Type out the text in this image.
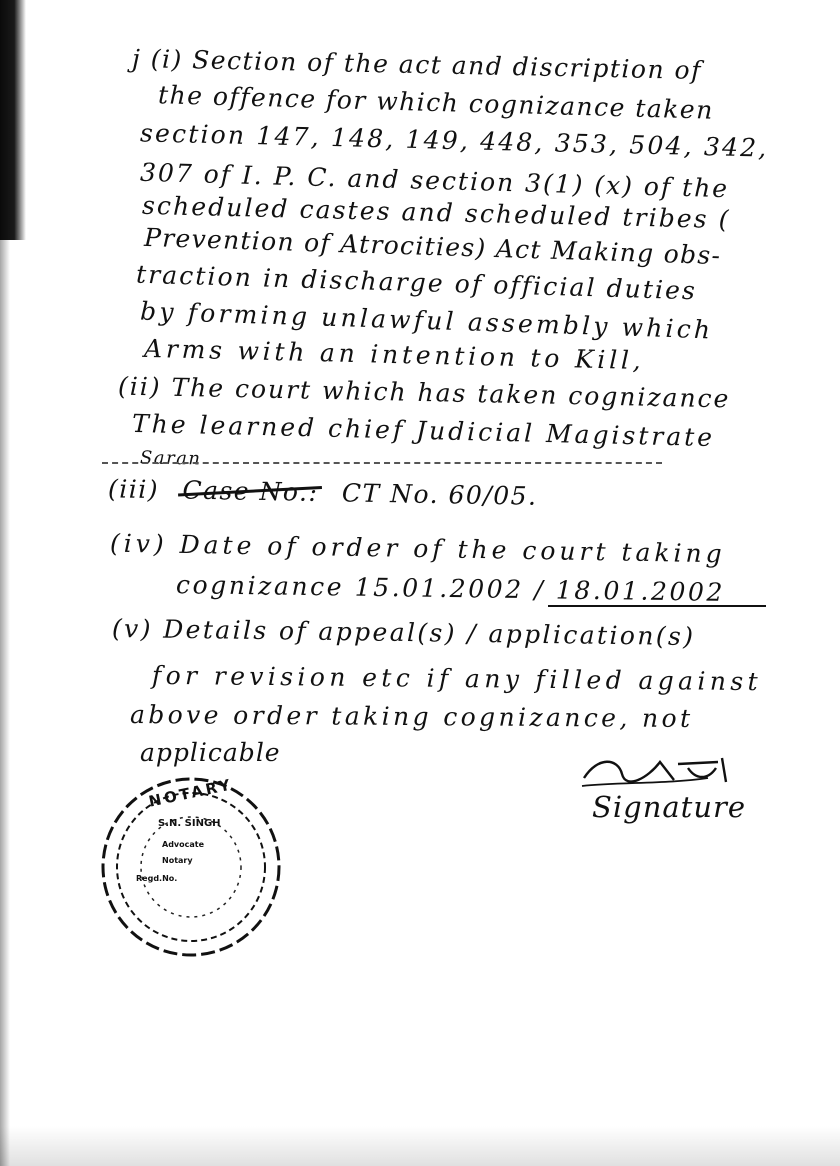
j (i) Section of the act and discription of
the offence for which cognizance taken
section 147, 148, 149, 448, 353, 504, 342,
307 of I. P. C. and section 3(1) (x) of the
scheduled castes and scheduled tribes (
Prevention of Atrocities) Act Making obs-
traction in discharge of official duties
by forming unlawful assembly which
Arms with an intention to Kill,
(ii) The court which has taken cognizance
The learned chief Judicial Magistrate
Saran
(iii) Case No.: CT No. 60/05.
(iv) Date of order of the court taking
cognizance 15.01.2002 / 18.01.2002
(v) Details of appeal(s) / application(s)
for revision etc if any filled against
above order taking cognizance, not
applicable
Signature
NOTARY
S.N. SINGH
Advocate
Notary
Regd.No.
